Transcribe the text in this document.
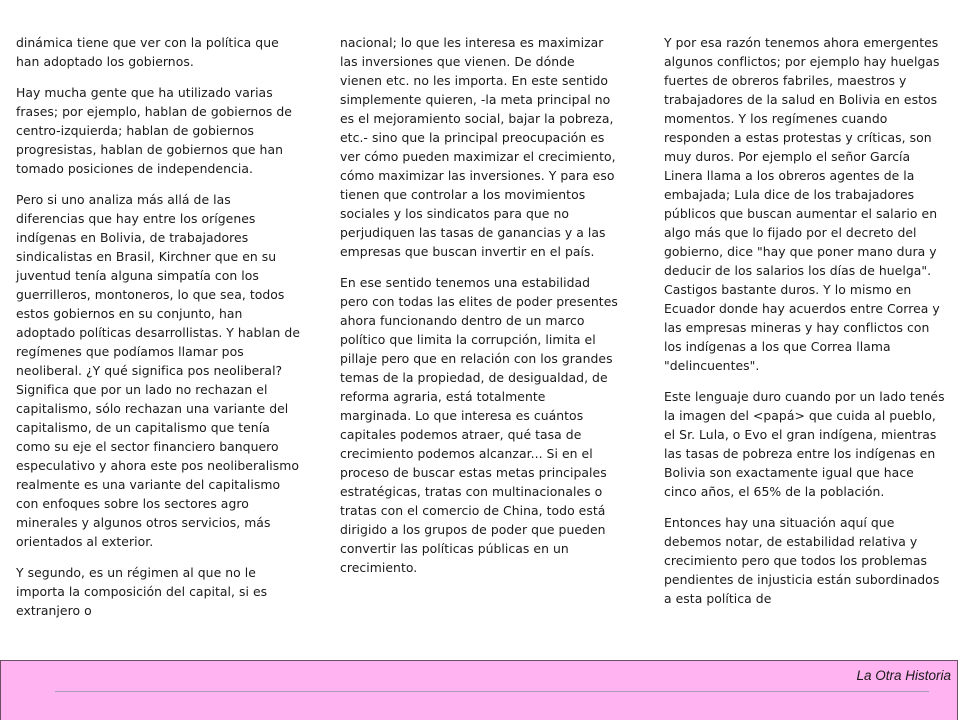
dinámica tiene que ver con la política que han adoptado los gobiernos.

Hay mucha gente que ha utilizado varias frases; por ejemplo, hablan de gobiernos de centro-izquierda; hablan de gobiernos progresistas, hablan de gobiernos que han tomado posiciones de independencia.

Pero si uno analiza más allá de las diferencias que hay entre los orígenes indígenas en Bolivia, de trabajadores sindicalistas en Brasil, Kirchner que en su juventud tenía alguna simpatía con los guerrilleros, montoneros, lo que sea, todos estos gobiernos en su conjunto, han adoptado políticas desarrollistas. Y hablan de regímenes que podíamos llamar pos neoliberal. ¿Y qué significa pos neoliberal? Significa que por un lado no rechazan el capitalismo, sólo rechazan una variante del capitalismo, de un capitalismo que tenía como su eje el sector financiero banquero especulativo y ahora este pos neoliberalismo realmente es una variante del capitalismo con enfoques sobre los sectores agro minerales y algunos otros servicios, más orientados al exterior.

Y segundo, es un régimen al que no le importa la composición del capital, si es extranjero o

nacional; lo que les interesa es maximizar las inversiones que vienen. De dónde vienen etc. no les importa. En este sentido simplemente quieren, -la meta principal no es el mejoramiento social, bajar la pobreza, etc.- sino que la principal preocupación es ver cómo pueden maximizar el crecimiento, cómo maximizar las inversiones. Y para eso tienen que controlar a los movimientos sociales y los sindicatos para que no perjudiquen las tasas de ganancias y a las empresas que buscan invertir en el país.

En ese sentido tenemos una estabilidad pero con todas las elites de poder presentes ahora funcionando dentro de un marco político que limita la corrupción, limita el pillaje pero que en relación con los grandes temas de la propiedad, de desigualdad, de reforma agraria, está totalmente marginada. Lo que interesa es cuántos capitales podemos atraer, qué tasa de crecimiento podemos alcanzar... Si en el proceso de buscar estas metas principales estratégicas, tratas con multinacionales o tratas con el comercio de China, todo está dirigido a los grupos de poder que pueden convertir las políticas públicas en un crecimiento.

Y por esa razón tenemos ahora emergentes algunos conflictos; por ejemplo hay huelgas fuertes de obreros fabriles, maestros y trabajadores de la salud en Bolivia en estos momentos. Y los regímenes cuando responden a estas protestas y críticas, son muy duros. Por ejemplo el señor García Linera llama a los obreros agentes de la embajada; Lula dice de los trabajadores públicos que buscan aumentar el salario en algo más que lo fijado por el decreto del gobierno, dice "hay que poner mano dura y deducir de los salarios los días de huelga". Castigos bastante duros. Y lo mismo en Ecuador donde hay acuerdos entre Correa y las empresas mineras y hay conflictos con los indígenas a los que Correa llama "delincuentes".

Este lenguaje duro cuando por un lado tenés la imagen del <papá> que cuida al pueblo, el Sr. Lula, o Evo el gran indígena, mientras las tasas de pobreza entre los indígenas en Bolivia son exactamente igual que hace cinco años, el 65% de la población.

Entonces hay una situación aquí que debemos notar, de estabilidad relativa y crecimiento pero que todos los problemas pendientes de injusticia están subordinados a esta política de

La Otra Historia
